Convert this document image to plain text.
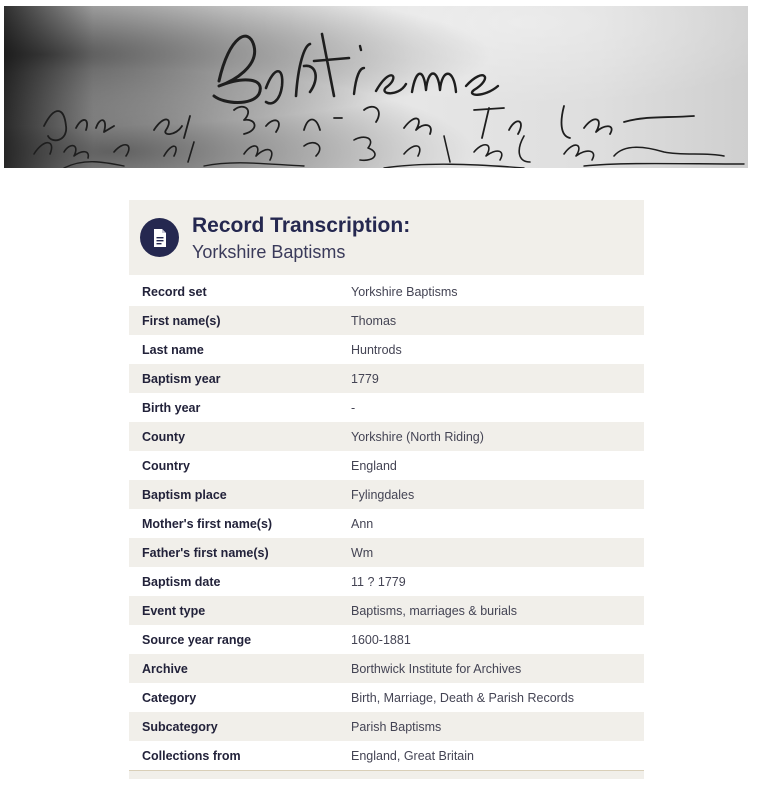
Record Transcription:
Yorkshire Baptisms
Record set	Yorkshire Baptisms
First name(s)	Thomas
Last name	Huntrods
Baptism year	1779
Birth year	-
County	Yorkshire (North Riding)
Country	England
Baptism place	Fylingdales
Mother's first name(s)	Ann
Father's first name(s)	Wm
Baptism date	11 ? 1779
Event type	Baptisms, marriages & burials
Source year range	1600-1881
Archive	Borthwick Institute for Archives
Category	Birth, Marriage, Death & Parish Records
Subcategory	Parish Baptisms
Collections from	England, Great Britain
